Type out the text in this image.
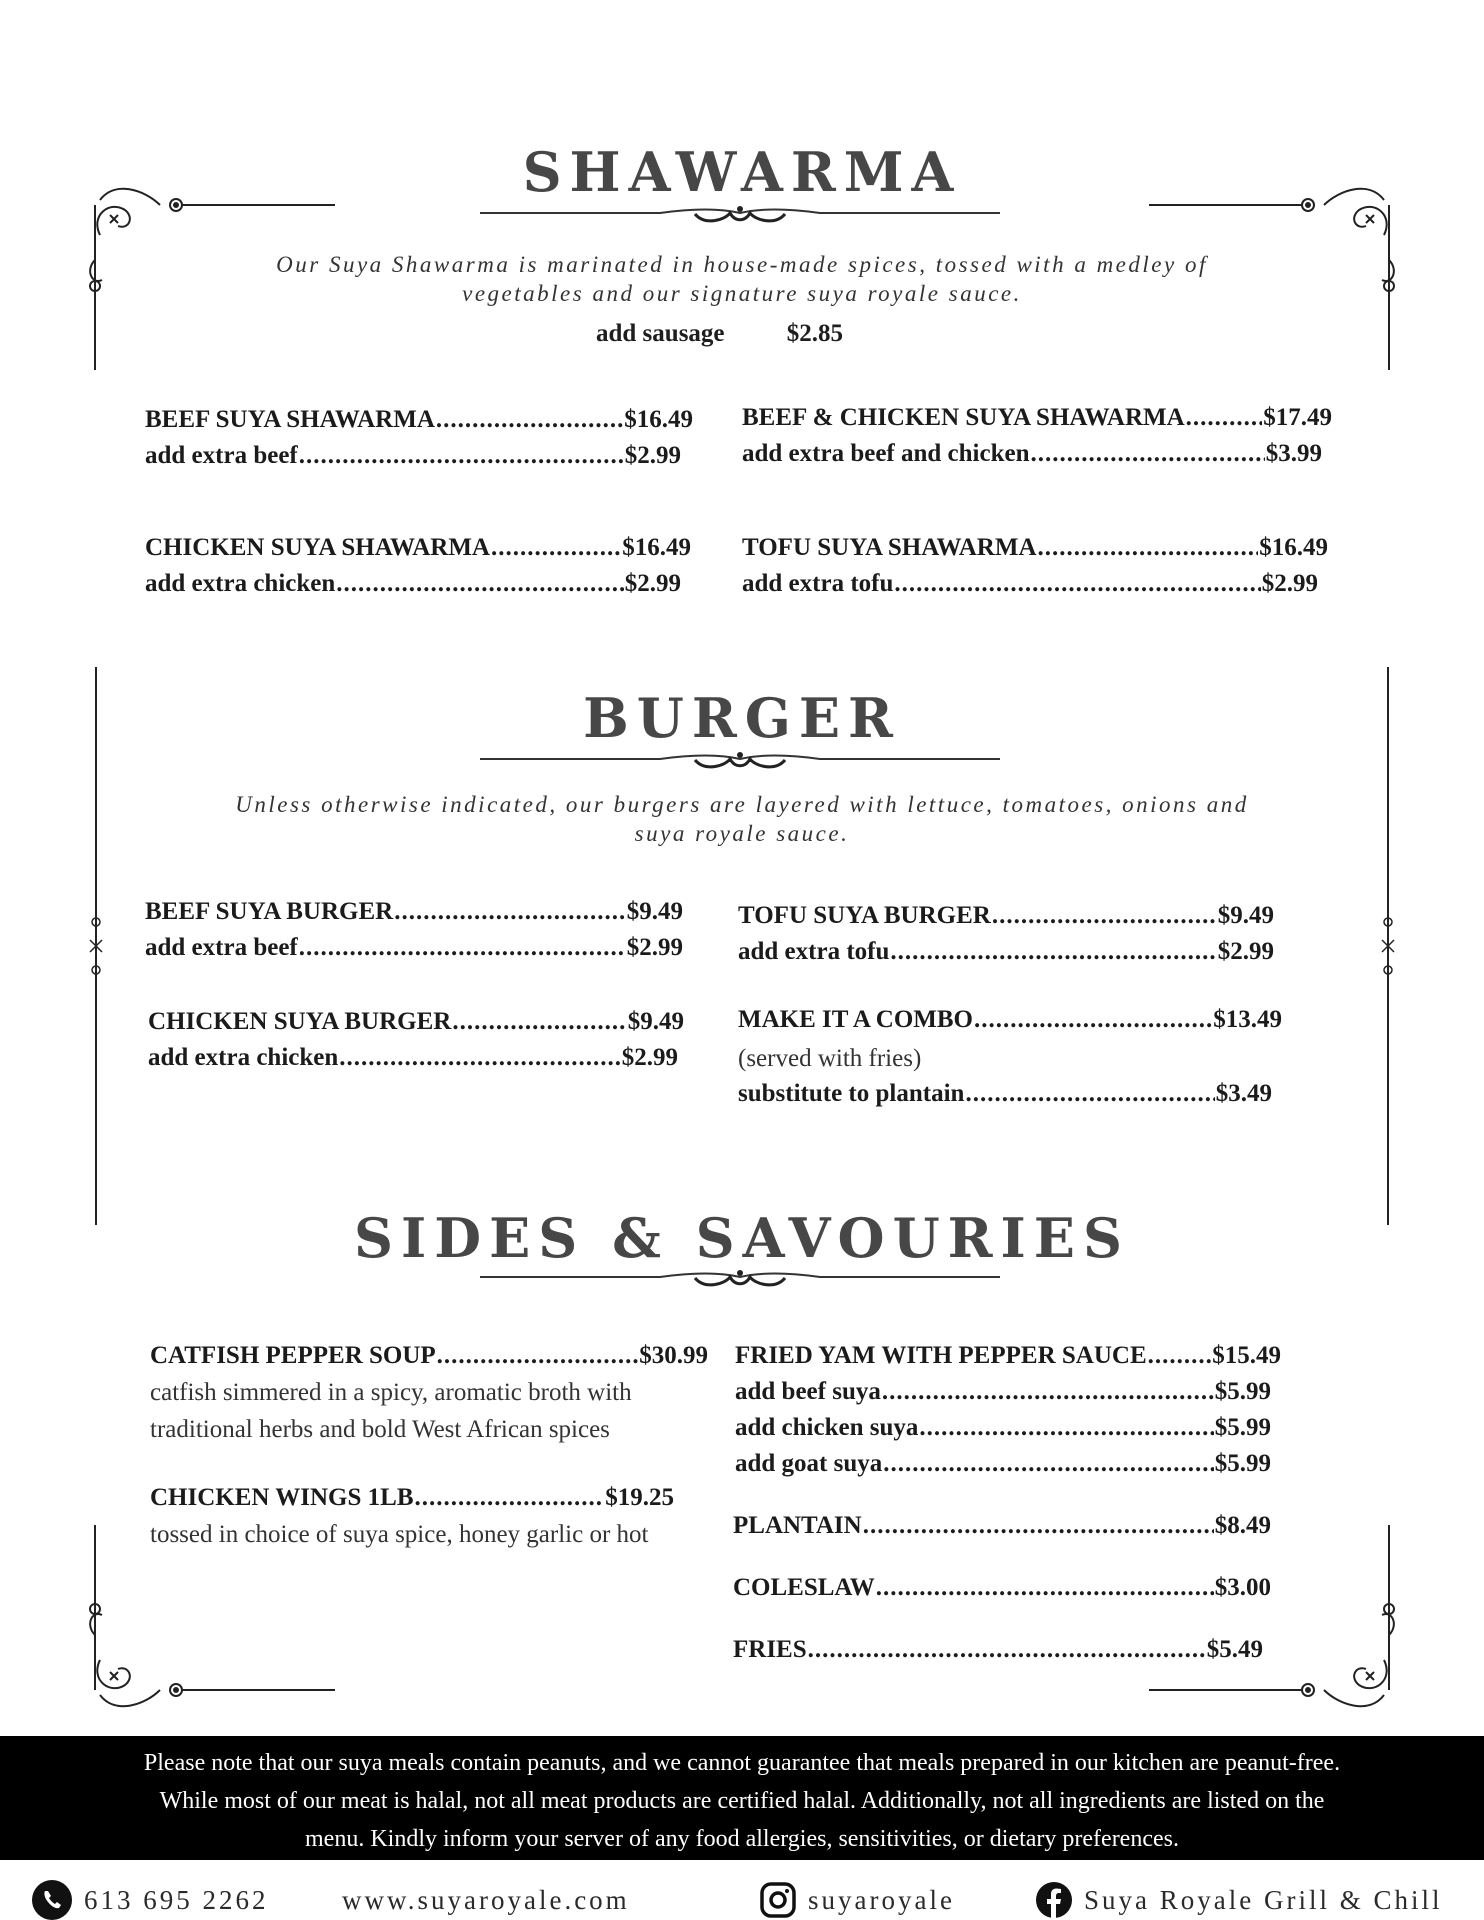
SHAWARMA
Our Suya Shawarma is marinated in house-made spices, tossed with a medley of
vegetables and our signature suya royale sauce.
add sausage $2.85
BEEF SUYA SHAWARMA .....	$16.49
add extra beef .....	$2.99
BEEF & CHICKEN SUYA SHAWARMA .....	$17.49
add extra beef and chicken .....	$3.99
CHICKEN SUYA SHAWARMA .....	$16.49
add extra chicken .....	$2.99
TOFU SUYA SHAWARMA .....	$16.49
add extra tofu .....	$2.99
BURGER
Unless otherwise indicated, our burgers are layered with lettuce, tomatoes, onions and
suya royale sauce.
BEEF SUYA BURGER .....	$9.49
add extra beef .....	$2.99
TOFU SUYA BURGER .....	$9.49
add extra tofu .....	$2.99
CHICKEN SUYA BURGER .....	$9.49
add extra chicken .....	$2.99
MAKE IT A COMBO .....	$13.49
(served with fries)
substitute to plantain .....	$3.49
SIDES & SAVOURIES
CATFISH PEPPER SOUP .....	$30.99
catfish simmered in a spicy, aromatic broth with
traditional herbs and bold West African spices
CHICKEN WINGS 1LB .....	$19.25
tossed in choice of suya spice, honey garlic or hot
FRIED YAM WITH PEPPER SAUCE .....	$15.49
add beef suya .....	$5.99
add chicken suya .....	$5.99
add goat suya .....	$5.99
PLANTAIN .....	$8.49
COLESLAW .....	$3.00
FRIES .....	$5.49
Please note that our suya meals contain peanuts, and we cannot guarantee that meals prepared in our kitchen are peanut-free.
While most of our meat is halal, not all meat products are certified halal. Additionally, not all ingredients are listed on the
menu. Kindly inform your server of any food allergies, sensitivities, or dietary preferences.
613 695 2262	www.suyaroyale.com	suyaroyale	Suya Royale Grill & Chill
